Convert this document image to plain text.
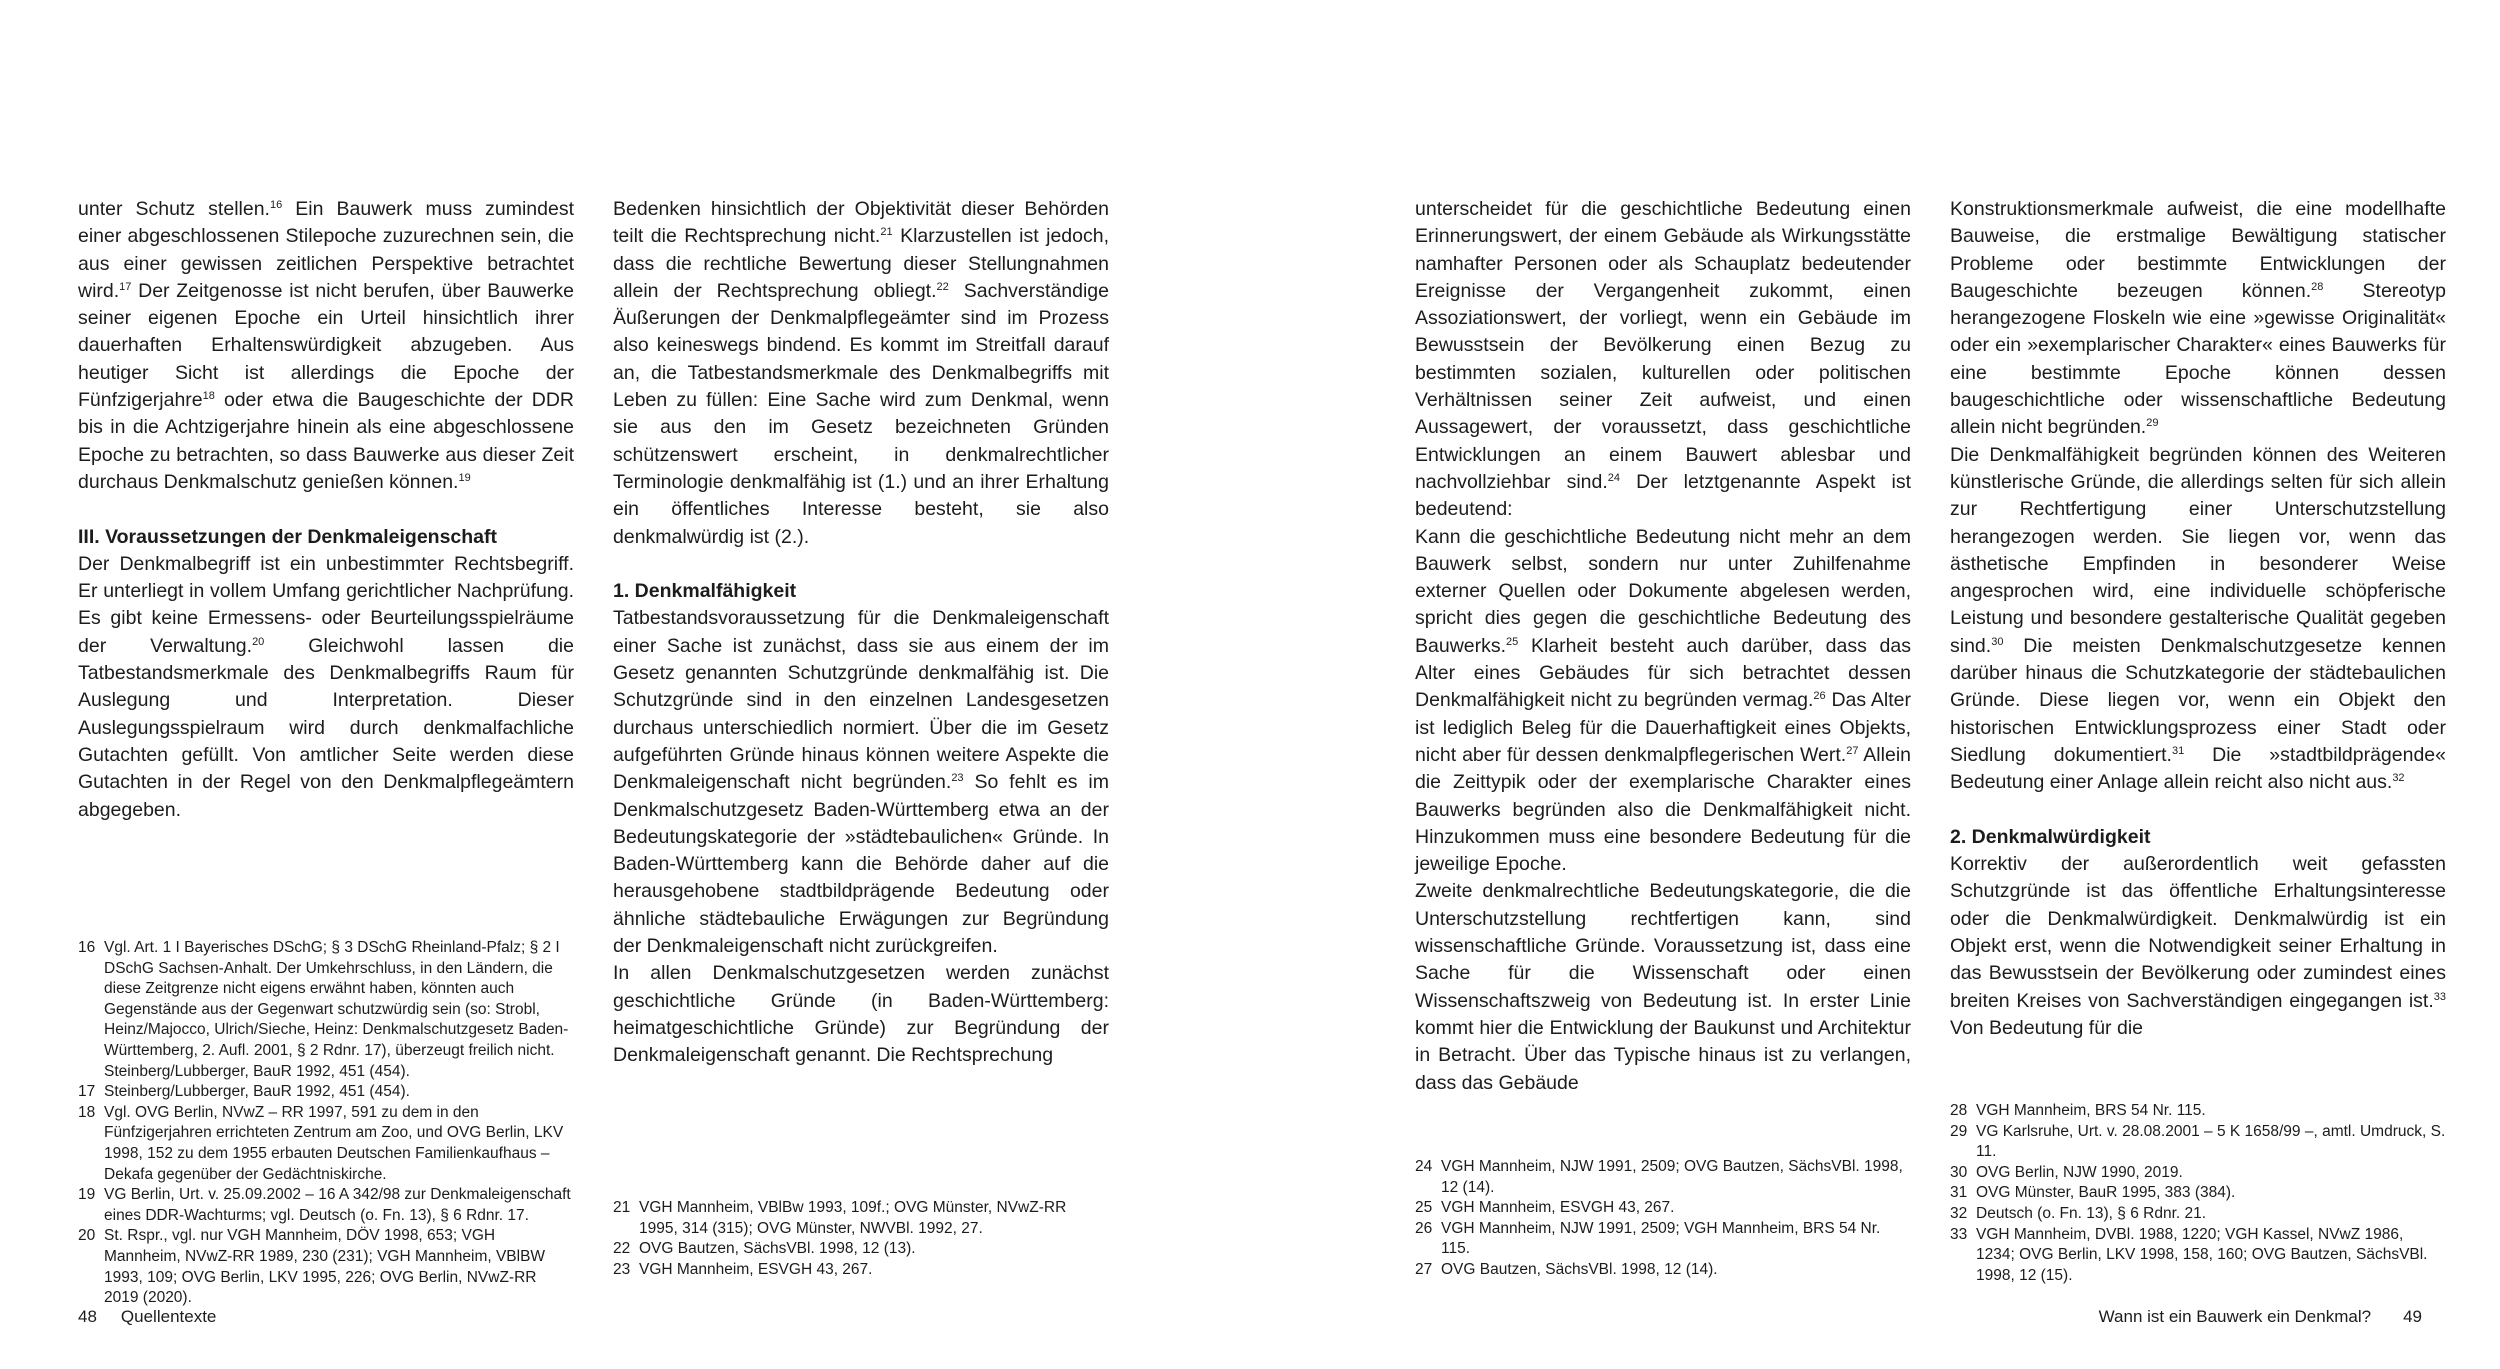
unter Schutz stellen.$^{16}$ Ein Bauwerk muss zumindest einer abgeschlossenen Stilepoche zuzurechnen sein, die aus einer gewissen zeitlichen Perspektive betrachtet wird.$^{17}$ Der Zeitgenosse ist nicht berufen, über Bauwerke seiner eigenen Epoche ein Urteil hinsichtlich ihrer dauerhaften Erhaltenswürdigkeit abzugeben. Aus heutiger Sicht ist allerdings die Epoche der Fünfzigerjahre$^{18}$ oder etwa die Baugeschichte der DDR bis in die Achtzigerjahre hinein als eine abgeschlossene Epoche zu betrachten, so dass Bauwerke aus dieser Zeit durchaus Denkmalschutz genießen können.$^{19}$

III. Voraussetzungen der Denkmaleigenschaft

Der Denkmalbegriff ist ein unbestimmter Rechtsbegriff. Er unterliegt in vollem Umfang gerichtlicher Nachprüfung. Es gibt keine Ermessens- oder Beurteilungsspielräume der Verwaltung.$^{20}$ Gleichwohl lassen die Tatbestandsmerkmale des Denkmalbegriffs Raum für Auslegung und Interpretation. Dieser Auslegungsspielraum wird durch denkmalfachliche Gutachten gefüllt. Von amtlicher Seite werden diese Gutachten in der Regel von den Denkmalpflegeämtern abgegeben.

Bedenken hinsichtlich der Objektivität dieser Behörden teilt die Rechtsprechung nicht.$^{21}$ Klarzustellen ist jedoch, dass die rechtliche Bewertung dieser Stellungnahmen allein der Rechtsprechung obliegt.$^{22}$ Sachverständige Äußerungen der Denkmalpflegeämter sind im Prozess also keineswegs bindend. Es kommt im Streitfall darauf an, die Tatbestandsmerkmale des Denkmalbegriffs mit Leben zu füllen: Eine Sache wird zum Denkmal, wenn sie aus den im Gesetz bezeichneten Gründen schützenswert erscheint, in denkmalrechtlicher Terminologie denkmalfähig ist (1.) und an ihrer Erhaltung ein öffentliches Interesse besteht, sie also denkmalwürdig ist (2.).

1. Denkmalfähigkeit

Tatbestandsvoraussetzung für die Denkmaleigenschaft einer Sache ist zunächst, dass sie aus einem der im Gesetz genannten Schutzgründe denkmalfähig ist. Die Schutzgründe sind in den einzelnen Landesgesetzen durchaus unterschiedlich normiert. Über die im Gesetz aufgeführten Gründe hinaus können weitere Aspekte die Denkmaleigenschaft nicht begründen.$^{23}$ So fehlt es im Denkmalschutzgesetz Baden-Württemberg etwa an der Bedeutungskategorie der »städtebaulichen« Gründe. In Baden-Württemberg kann die Behörde daher auf die herausgehobene stadtbildprägende Bedeutung oder ähnliche städtebauliche Erwägungen zur Begründung der Denkmaleigenschaft nicht zurückgreifen.

In allen Denkmalschutzgesetzen werden zunächst geschichtliche Gründe (in Baden-Württemberg: heimatgeschichtliche Gründe) zur Begründung der Denkmaleigenschaft genannt. Die Rechtsprechung

16 Vgl. Art. 1 I Bayerisches DSchG; § 3 DSchG Rheinland-Pfalz; § 2 I DSchG Sachsen-Anhalt. Der Umkehrschluss, in den Ländern, die diese Zeitgrenze nicht eigens erwähnt haben, könnten auch Gegenstände aus der Gegenwart schutzwürdig sein (so: Strobl, Heinz/Majocco, Ulrich/Sieche, Heinz: Denkmalschutzgesetz Baden-Württemberg, 2. Aufl. 2001, § 2 Rdnr. 17), überzeugt freilich nicht. Steinberg/Lubberger, BauR 1992, 451 (454).
17 Steinberg/Lubberger, BauR 1992, 451 (454).
18 Vgl. OVG Berlin, NVwZ – RR 1997, 591 zu dem in den Fünfzigerjahren errichteten Zentrum am Zoo, und OVG Berlin, LKV 1998, 152 zu dem 1955 erbauten Deutschen Familienkaufhaus – Dekafa gegenüber der Gedächtniskirche.
19 VG Berlin, Urt. v. 25.09.2002 – 16 A 342/98 zur Denkmaleigenschaft eines DDR-Wachturms; vgl. Deutsch (o. Fn. 13), § 6 Rdnr. 17.
20 St. Rspr., vgl. nur VGH Mannheim, DÖV 1998, 653; VGH Mannheim, NVwZ-RR 1989, 230 (231); VGH Mannheim, VBlBW 1993, 109; OVG Berlin, LKV 1995, 226; OVG Berlin, NVwZ-RR 2019 (2020).
21 VGH Mannheim, VBlBw 1993, 109f.; OVG Münster, NVwZ-RR 1995, 314 (315); OVG Münster, NWVBl. 1992, 27.
22 OVG Bautzen, SächsVBl. 1998, 12 (13).
23 VGH Mannheim, ESVGH 43, 267.
48 Quellentexte

unterscheidet für die geschichtliche Bedeutung einen Erinnerungswert, der einem Gebäude als Wirkungsstätte namhafter Personen oder als Schauplatz bedeutender Ereignisse der Vergangenheit zukommt, einen Assoziationswert, der vorliegt, wenn ein Gebäude im Bewusstsein der Bevölkerung einen Bezug zu bestimmten sozialen, kulturellen oder politischen Verhältnissen seiner Zeit aufweist, und einen Aussagewert, der voraussetzt, dass geschichtliche Entwicklungen an einem Bauwert ablesbar und nachvollziehbar sind.$^{24}$ Der letztgenannte Aspekt ist bedeutend:

Kann die geschichtliche Bedeutung nicht mehr an dem Bauwerk selbst, sondern nur unter Zuhilfenahme externer Quellen oder Dokumente abgelesen werden, spricht dies gegen die geschichtliche Bedeutung des Bauwerks.$^{25}$ Klarheit besteht auch darüber, dass das Alter eines Gebäudes für sich betrachtet dessen Denkmalfähigkeit nicht zu begründen vermag.$^{26}$ Das Alter ist lediglich Beleg für die Dauerhaftigkeit eines Objekts, nicht aber für dessen denkmalpflegerischen Wert.$^{27}$ Allein die Zeittypik oder der exemplarische Charakter eines Bauwerks begründen also die Denkmalfähigkeit nicht. Hinzukommen muss eine besondere Bedeutung für die jeweilige Epoche.

Zweite denkmalrechtliche Bedeutungskategorie, die die Unterschutzstellung rechtfertigen kann, sind wissenschaftliche Gründe. Voraussetzung ist, dass eine Sache für die Wissenschaft oder einen Wissenschaftszweig von Bedeutung ist. In erster Linie kommt hier die Entwicklung der Baukunst und Architektur in Betracht. Über das Typische hinaus ist zu verlangen, dass das Gebäude

Konstruktionsmerkmale aufweist, die eine modellhafte Bauweise, die erstmalige Bewältigung statischer Probleme oder bestimmte Entwicklungen der Baugeschichte bezeugen können.$^{28}$ Stereotyp herangezogene Floskeln wie eine »gewisse Originalität« oder ein »exemplarischer Charakter« eines Bauwerks für eine bestimmte Epoche können dessen baugeschichtliche oder wissenschaftliche Bedeutung allein nicht begründen.$^{29}$

Die Denkmalfähigkeit begründen können des Weiteren künstlerische Gründe, die allerdings selten für sich allein zur Rechtfertigung einer Unterschutzstellung herangezogen werden. Sie liegen vor, wenn das ästhetische Empfinden in besonderer Weise angesprochen wird, eine individuelle schöpferische Leistung und besondere gestalterische Qualität gegeben sind.$^{30}$ Die meisten Denkmalschutzgesetze kennen darüber hinaus die Schutzkategorie der städtebaulichen Gründe. Diese liegen vor, wenn ein Objekt den historischen Entwicklungsprozess einer Stadt oder Siedlung dokumentiert.$^{31}$ Die »stadtbildprägende« Bedeutung einer Anlage allein reicht also nicht aus.$^{32}$

2. Denkmalwürdigkeit

Korrektiv der außerordentlich weit gefassten Schutzgründe ist das öffentliche Erhaltungsinteresse oder die Denkmalwürdigkeit. Denkmalwürdig ist ein Objekt erst, wenn die Notwendigkeit seiner Erhaltung in das Bewusstsein der Bevölkerung oder zumindest eines breiten Kreises von Sachverständigen eingegangen ist.$^{33}$ Von Bedeutung für die

24 VGH Mannheim, NJW 1991, 2509; OVG Bautzen, SächsVBl. 1998, 12 (14).
25 VGH Mannheim, ESVGH 43, 267.
26 VGH Mannheim, NJW 1991, 2509; VGH Mannheim, BRS 54 Nr. 115.
27 OVG Bautzen, SächsVBl. 1998, 12 (14).
28 VGH Mannheim, BRS 54 Nr. 115.
29 VG Karlsruhe, Urt. v. 28.08.2001 – 5 K 1658/99 –, amtl. Umdruck, S. 11.
30 OVG Berlin, NJW 1990, 2019.
31 OVG Münster, BauR 1995, 383 (384).
32 Deutsch (o. Fn. 13), § 6 Rdnr. 21.
33 VGH Mannheim, DVBl. 1988, 1220; VGH Kassel, NVwZ 1986, 1234; OVG Berlin, LKV 1998, 158, 160; OVG Bautzen, SächsVBl. 1998, 12 (15).
Wann ist ein Bauwerk ein Denkmal? 49
